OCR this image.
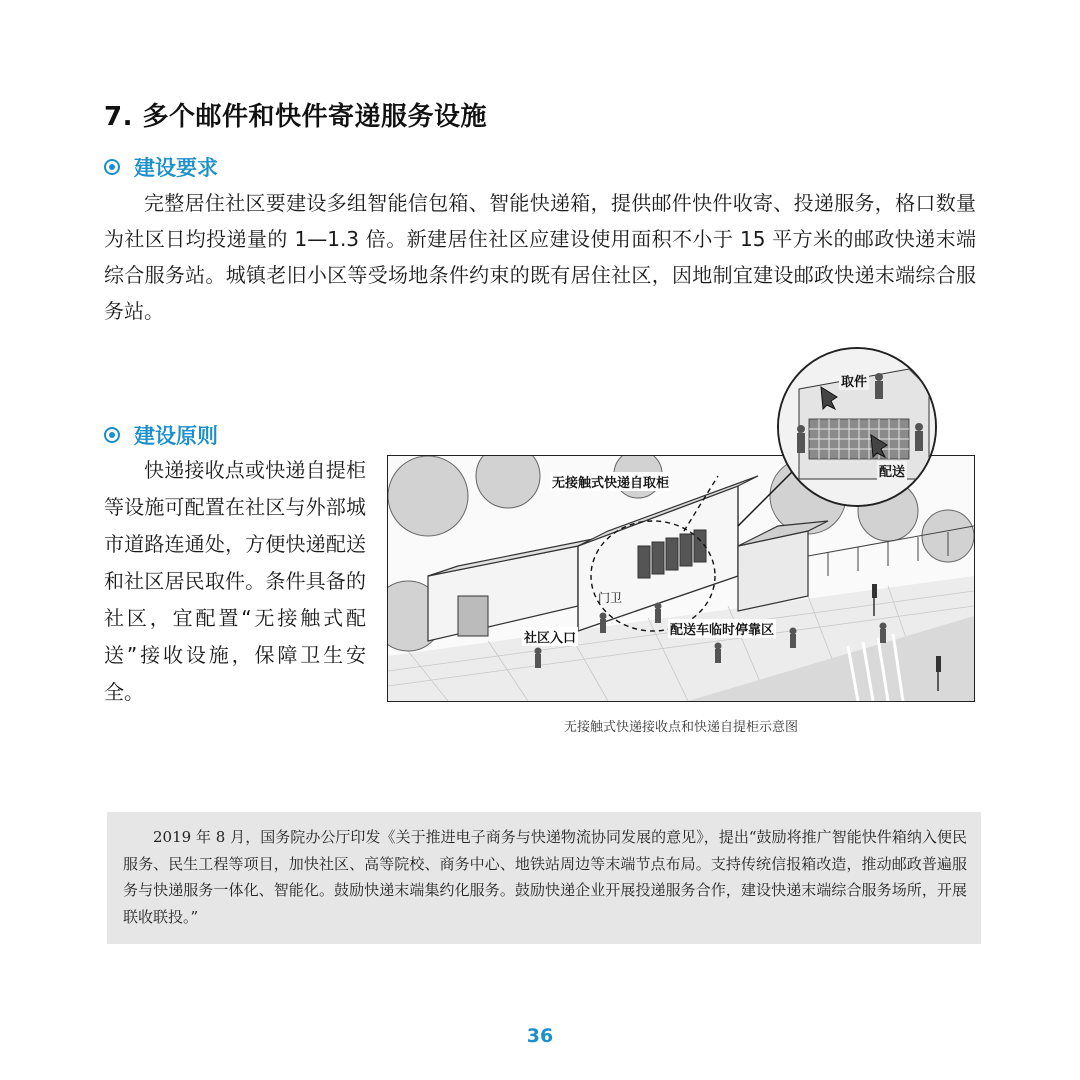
7. 多个邮件和快件寄递服务设施
建设要求

完整居住社区要建设多组智能信包箱、智能快递箱，提供邮件快件收寄、投递服务，格口数量为社区日均投递量的 1—1.3 倍。新建居住社区应建设使用面积不小于 15 平方米的邮政快递末端综合服务站。城镇老旧小区等受场地条件约束的既有居住社区，因地制宜建设邮政快递末端综合服务站。

建设原则

快递接收点或快递自提柜等设施可配置在社区与外部城市道路连通处，方便快递配送和社区居民取件。条件具备的社区，宜配置“无接触式配送”接收设施，保障卫生安全。

无接触式快递自取柜
社区入口
门卫
配送车临时停靠区
取件
配送
无接触式快递接收点和快递自提柜示意图

2019 年 8 月，国务院办公厅印发《关于推进电子商务与快递物流协同发展的意见》，提出“鼓励将推广智能快件箱纳入便民服务、民生工程等项目，加快社区、高等院校、商务中心、地铁站周边等末端节点布局。支持传统信报箱改造，推动邮政普遍服务与快递服务一体化、智能化。鼓励快递末端集约化服务。鼓励快递企业开展投递服务合作，建设快递末端综合服务场所，开展联收联投。”

36
